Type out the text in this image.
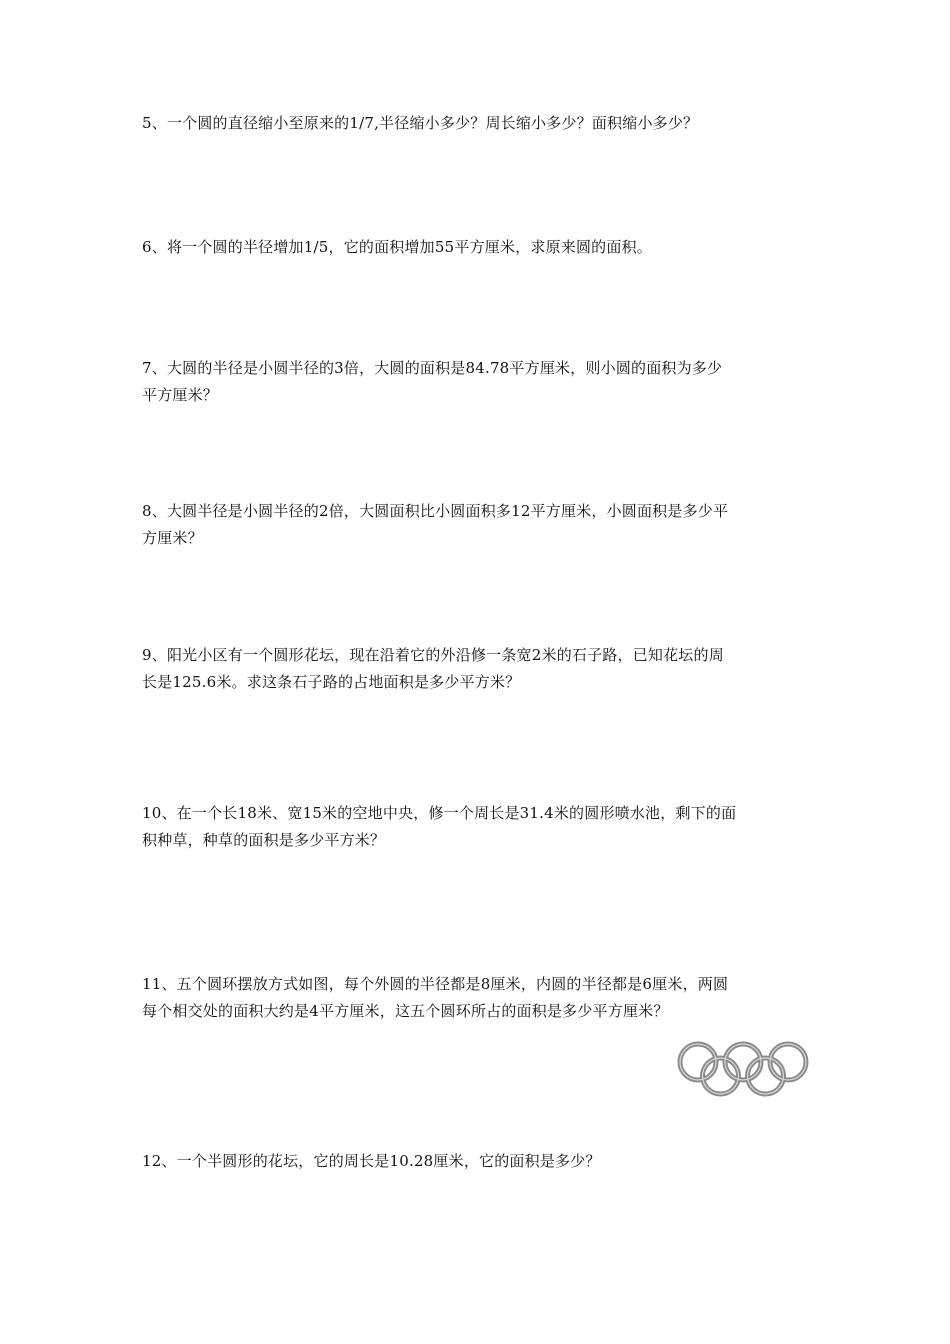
5、一个圆的直径缩小至原来的1/7,半径缩小多少？周长缩小多少？面积缩小多少？

6、将一个圆的半径增加1/5，它的面积增加55平方厘米，求原来圆的面积。

7、大圆的半径是小圆半径的3倍，大圆的面积是84.78平方厘米，则小圆的面积为多少

平方厘米？

8、大圆半径是小圆半径的2倍，大圆面积比小圆面积多12平方厘米，小圆面积是多少平

方厘米？

9、阳光小区有一个圆形花坛，现在沿着它的外沿修一条宽2米的石子路，已知花坛的周

长是125.6米。求这条石子路的占地面积是多少平方米？

10、在一个长18米、宽15米的空地中央，修一个周长是31.4米的圆形喷水池，剩下的面

积种草，种草的面积是多少平方米？

11、五个圆环摆放方式如图，每个外圆的半径都是8厘米，内圆的半径都是6厘米，两圆

每个相交处的面积大约是4平方厘米，这五个圆环所占的面积是多少平方厘米？

12、一个半圆形的花坛，它的周长是10.28厘米，它的面积是多少？
